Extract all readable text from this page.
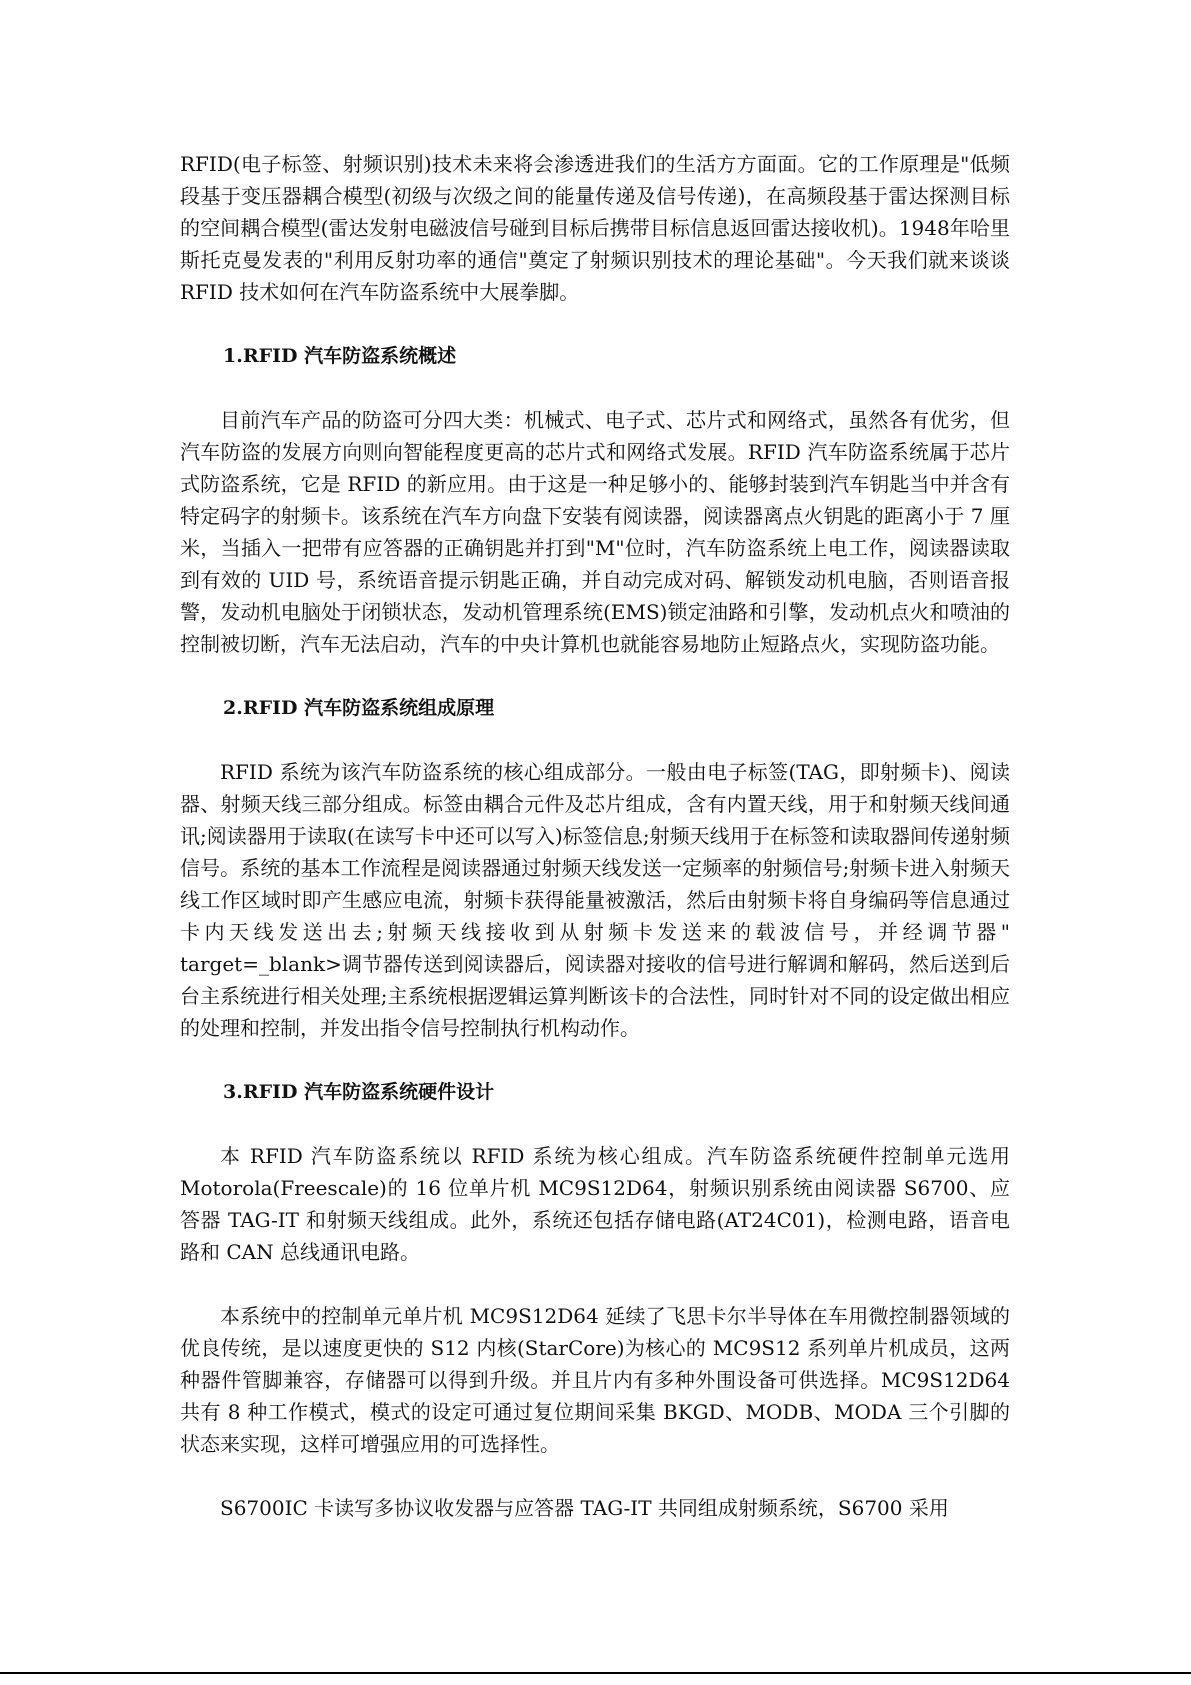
RFID(电子标签、射频识别)技术未来将会渗透进我们的生活方方面面。它的工作原理是"低频段基于变压器耦合模型(初级与次级之间的能量传递及信号传递)，在高频段基于雷达探测目标的空间耦合模型(雷达发射电磁波信号碰到目标后携带目标信息返回雷达接收机)。1948年哈里斯托克曼发表的"利用反射功率的通信"奠定了射频识别技术的理论基础"。今天我们就来谈谈 RFID 技术如何在汽车防盗系统中大展拳脚。

1.RFID 汽车防盗系统概述

目前汽车产品的防盗可分四大类：机械式、电子式、芯片式和网络式，虽然各有优劣，但汽车防盗的发展方向则向智能程度更高的芯片式和网络式发展。RFID 汽车防盗系统属于芯片式防盗系统，它是 RFID 的新应用。由于这是一种足够小的、能够封装到汽车钥匙当中并含有特定码字的射频卡。该系统在汽车方向盘下安装有阅读器，阅读器离点火钥匙的距离小于 7 厘米，当插入一把带有应答器的正确钥匙并打到"M"位时，汽车防盗系统上电工作，阅读器读取到有效的 UID 号，系统语音提示钥匙正确，并自动完成对码、解锁发动机电脑，否则语音报警，发动机电脑处于闭锁状态，发动机管理系统(EMS)锁定油路和引擎，发动机点火和喷油的控制被切断，汽车无法启动，汽车的中央计算机也就能容易地防止短路点火，实现防盗功能。

2.RFID 汽车防盗系统组成原理

RFID 系统为该汽车防盗系统的核心组成部分。一般由电子标签(TAG，即射频卡)、阅读器、射频天线三部分组成。标签由耦合元件及芯片组成，含有内置天线，用于和射频天线间通讯;阅读器用于读取(在读写卡中还可以写入)标签信息;射频天线用于在标签和读取器间传递射频信号。系统的基本工作流程是阅读器通过射频天线发送一定频率的射频信号;射频卡进入射频天线工作区域时即产生感应电流，射频卡获得能量被激活，然后由射频卡将自身编码等信息通过卡内天线发送出去;射频天线接收到从射频卡发送来的载波信号，并经调节器" target=_blank>调节器传送到阅读器后，阅读器对接收的信号进行解调和解码，然后送到后台主系统进行相关处理;主系统根据逻辑运算判断该卡的合法性，同时针对不同的设定做出相应的处理和控制，并发出指令信号控制执行机构动作。

3.RFID 汽车防盗系统硬件设计

本 RFID 汽车防盗系统以 RFID 系统为核心组成。汽车防盗系统硬件控制单元选用 Motorola(Freescale)的 16 位单片机 MC9S12D64，射频识别系统由阅读器 S6700、应答器 TAG-IT 和射频天线组成。此外，系统还包括存储电路(AT24C01)，检测电路，语音电路和 CAN 总线通讯电路。

本系统中的控制单元单片机 MC9S12D64 延续了飞思卡尔半导体在车用微控制器领域的优良传统，是以速度更快的 S12 内核(StarCore)为核心的 MC9S12 系列单片机成员，这两种器件管脚兼容，存储器可以得到升级。并且片内有多种外围设备可供选择。MC9S12D64 共有 8 种工作模式，模式的设定可通过复位期间采集 BKGD、MODB、MODA 三个引脚的状态来实现，这样可增强应用的可选择性。

S6700IC 卡读写多协议收发器与应答器 TAG-IT 共同组成射频系统，S6700 采用
